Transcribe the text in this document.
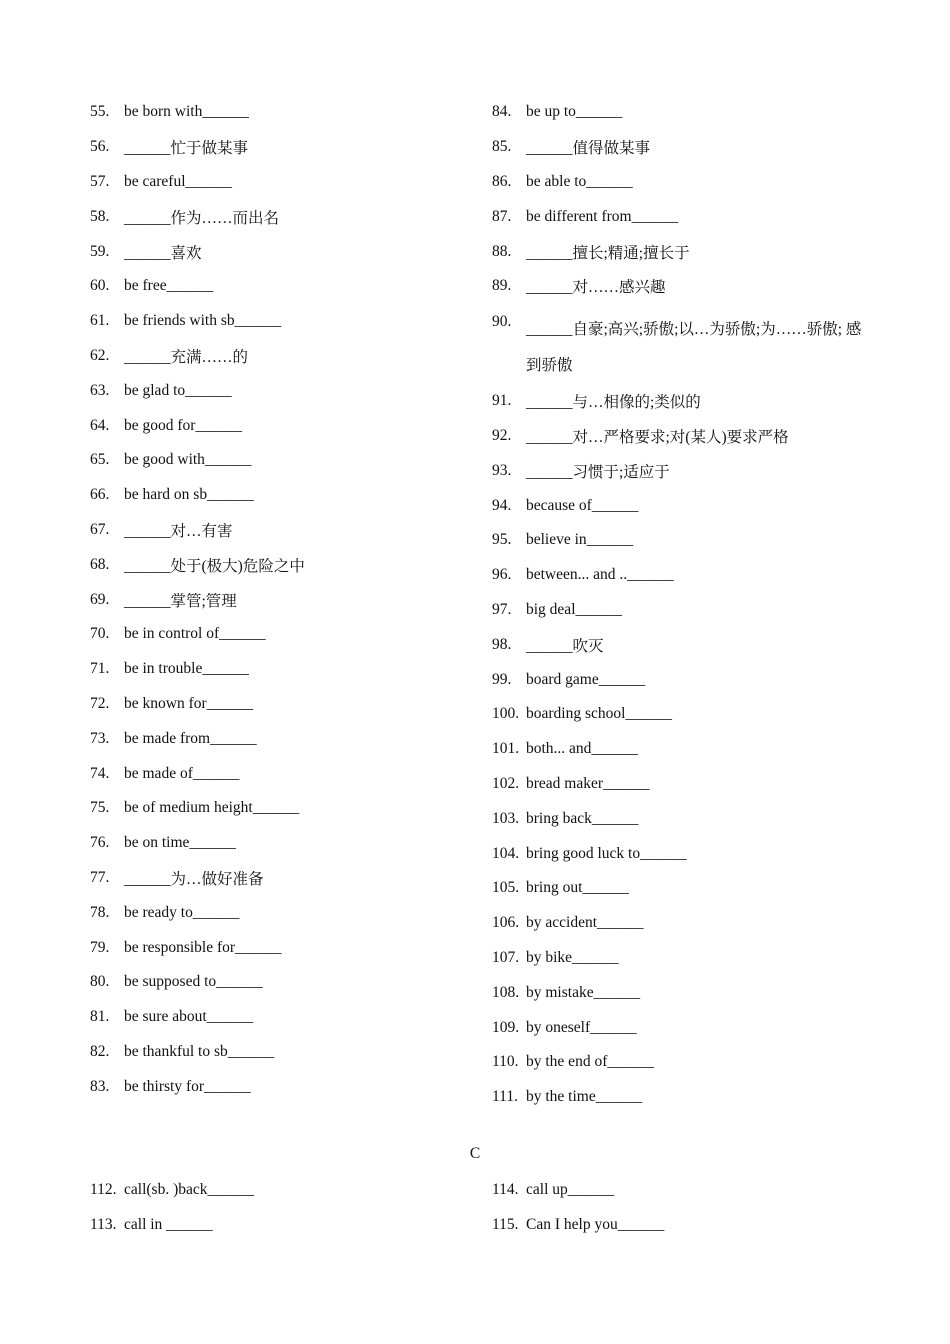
55. be born with______
56. ______忙于做某事
57. be careful______
58. ______作为……而出名
59. ______喜欢
60. be free______
61. be friends with sb______
62. ______充满……的
63. be glad to______
64. be good for______
65. be good with______
66. be hard on sb______
67. ______对…有害
68. ______处于(极大)危险之中
69. ______掌管;管理
70. be in control of______
71. be in trouble______
72. be known for______
73. be made from______
74. be made of______
75. be of medium height______
76. be on time______
77. ______为…做好准备
78. be ready to______
79. be responsible for______
80. be supposed to______
81. be sure about______
82. be thankful to sb______
83. be thirsty for______
84. be up to______
85. ______值得做某事
86. be able to______
87. be different from______
88. ______擅长;精通;擅长于
89. ______对……感兴趣
90. ______自豪;高兴;骄傲;以…为骄傲;为……骄傲; 感到骄傲
91. ______与…相像的;类似的
92. ______对…严格要求;对(某人)要求严格
93. ______习惯于;适应于
94. because of______
95. believe in______
96. between... and ..______
97. big deal______
98. ______吹灭
99. board game______
100. boarding school______
101. both... and______
102. bread maker______
103. bring back______
104. bring good luck to______
105. bring out______
106. by accident______
107. by bike______
108. by mistake______
109. by oneself______
110. by the end of______
111. by the time______
C
112. call(sb. )back______
113. call in ______
114. call up______
115. Can I help you______
